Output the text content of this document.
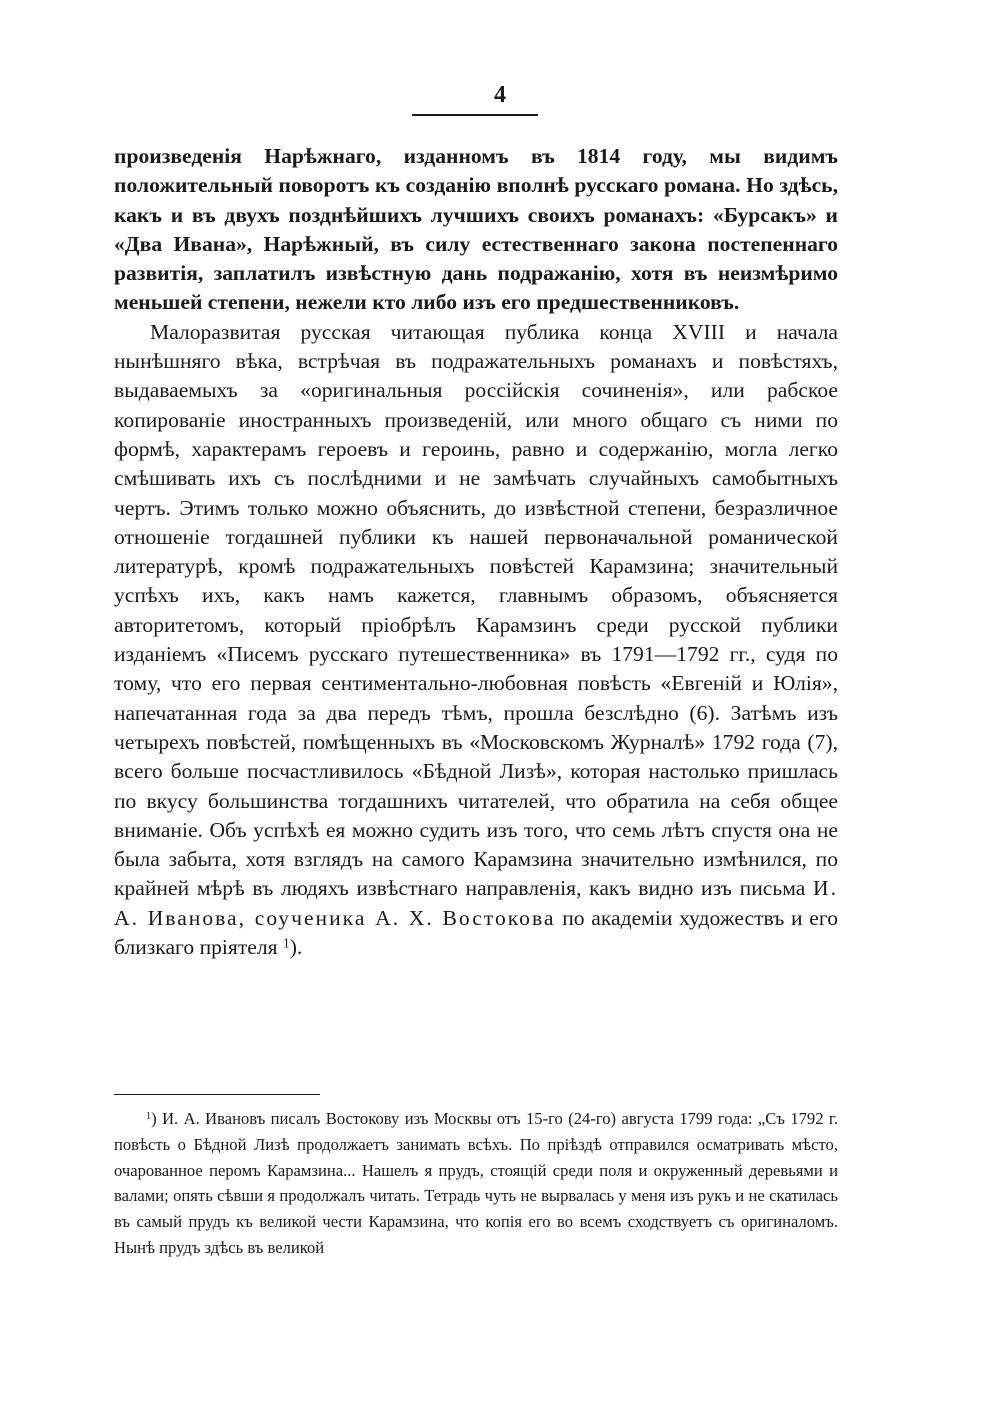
4

произведенія Нарѣжнаго, изданномъ въ 1814 году, мы видимъ положительный поворотъ къ созданію вполнѣ русскаго романа. Но здѣсь, какъ и въ двухъ позднѣйшихъ лучшихъ своихъ романахъ: «Бурсакъ» и «Два Ивана», Нарѣжный, въ силу естественнаго закона постепеннаго развитія, заплатилъ извѣстную дань подражанію, хотя въ неизмѣримо меньшей степени, нежели кто либо изъ его предшественниковъ.

Малоразвитая русская читающая публика конца XVIII и начала нынѣшняго вѣка, встрѣчая въ подражательныхъ романахъ и повѣстяхъ, выдаваемыхъ за «оригинальныя россійскія сочиненія», или рабское копированіе иностранныхъ произведеній, или много общаго съ ними по формѣ, характерамъ героевъ и героинь, равно и содержанію, могла легко смѣшивать ихъ съ послѣдними и не замѣчать случайныхъ самобытныхъ чертъ. Этимъ только можно объяснить, до извѣстной степени, безразличное отношеніе тогдашней публики къ нашей первоначальной романической литературѣ, кромѣ подражательныхъ повѣстей Карамзина; значительный успѣхъ ихъ, какъ намъ кажется, главнымъ образомъ, объясняется авторитетомъ, который пріобрѣлъ Карамзинъ среди русской публики изданіемъ «Писемъ русскаго путешественника» въ 1791—1792 гг., судя по тому, что его первая сентиментально-любовная повѣсть «Евгеній и Юлія», напечатанная года за два передъ тѣмъ, прошла безслѣдно (6). Затѣмъ изъ четырехъ повѣстей, помѣщенныхъ въ «Московскомъ Журналѣ» 1792 года (7), всего больше посчастливилось «Бѣдной Лизѣ», которая настолько пришлась по вкусу большинства тогдашнихъ читателей, что обратила на себя общее вниманіе. Объ успѣхѣ ея можно судить изъ того, что семь лѣтъ спустя она не была забыта, хотя взглядъ на самого Карамзина значительно измѣнился, по крайней мѣрѣ въ людяхъ извѣстнаго направленія, какъ видно изъ письма И. А. Иванова, соученика А. Х. Востокова по академіи художествъ и его близкаго пріятеля $^1$).

$^1$) И. А. Ивановъ писалъ Востокову изъ Москвы отъ 15-го (24-го) августа 1799 года: „Съ 1792 г. повѣсть о Бѣдной Лизѣ продолжаетъ занимать всѣхъ. По пріѣздѣ отправился осматривать мѣсто, очарованное перомъ Карамзина... Нашелъ я прудъ, стоящій среди поля и окруженный деревьями и валами; опять сѣвши я продолжалъ читать. Тетрадь чуть не вырвалась у меня изъ рукъ и не скатилась въ самый прудъ къ великой чести Карамзина, что копія его во всемъ сходствуетъ съ оригиналомъ. Нынѣ прудъ здѣсь въ великой
